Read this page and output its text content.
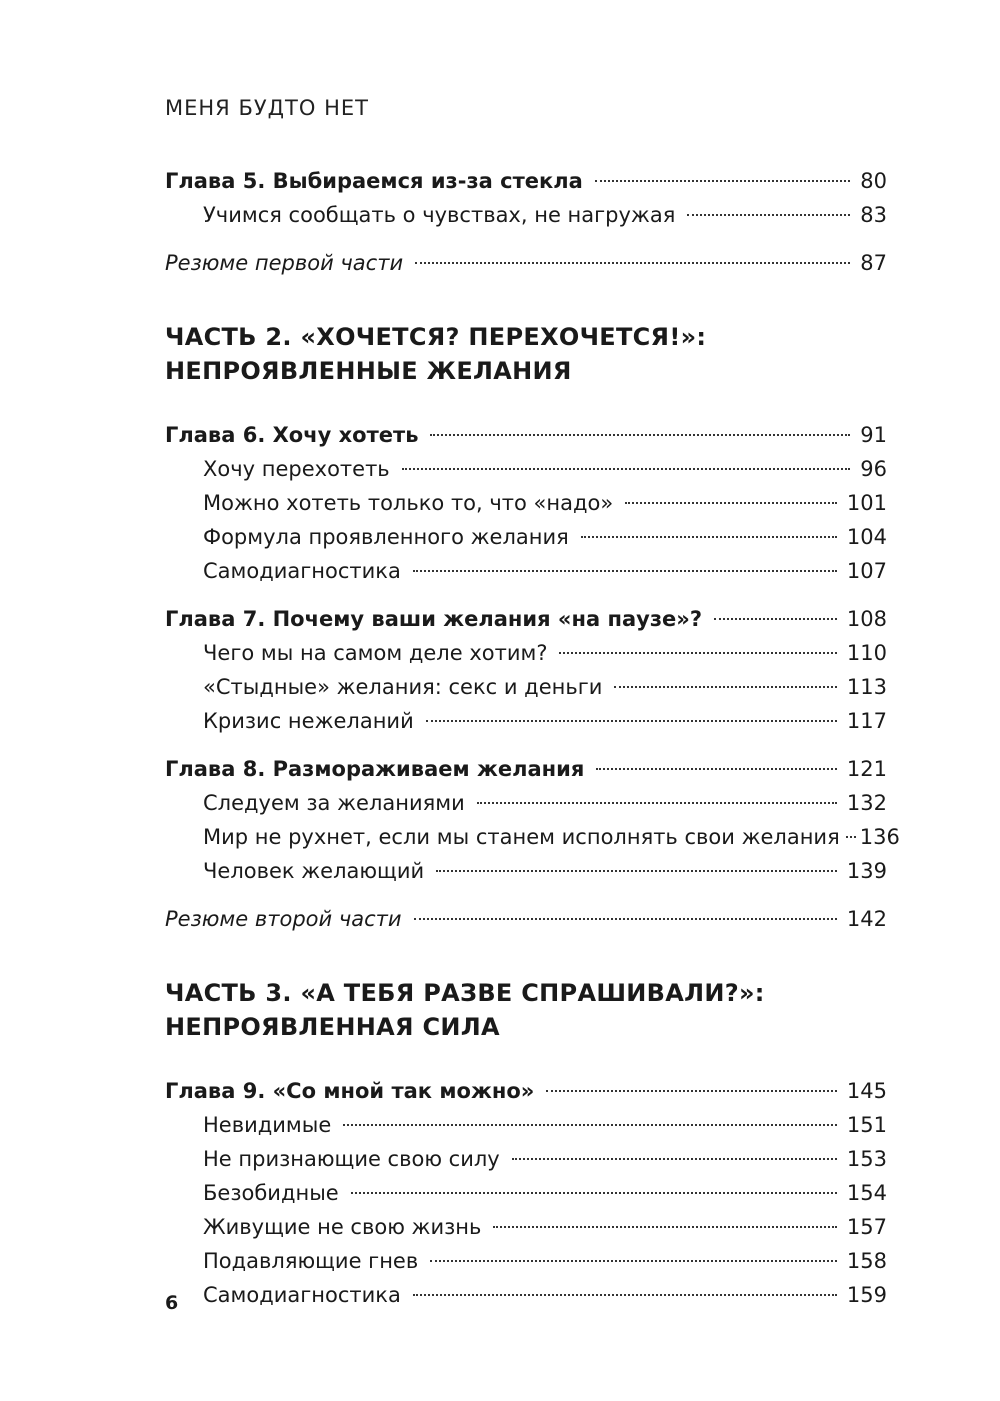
МЕНЯ БУДТО НЕТ
Глава 5. Выбираемся из-за стекла	80
Учимся сообщать о чувствах, не нагружая	83
Резюме первой части	87
ЧАСТЬ 2. «ХОЧЕТСЯ? ПЕРЕХОЧЕТСЯ!»:
НЕПРОЯВЛЕННЫЕ ЖЕЛАНИЯ
Глава 6. Хочу хотеть	91
Хочу перехотеть	96
Можно хотеть только то, что «надо»	101
Формула проявленного желания	104
Самодиагностика	107
Глава 7. Почему ваши желания «на паузе»?	108
Чего мы на самом деле хотим?	110
«Стыдные» желания: секс и деньги	113
Кризис нежеланий	117
Глава 8. Размораживаем желания	121
Следуем за желаниями	132
Мир не рухнет, если мы станем исполнять свои желания 136
Человек желающий	139
Резюме второй части	142
ЧАСТЬ 3. «А ТЕБЯ РАЗВЕ СПРАШИВАЛИ?»:
НЕПРОЯВЛЕННАЯ СИЛА
Глава 9. «Со мной так можно»	145
Невидимые	151
Не признающие свою силу	153
Безобидные	154
Живущие не свою жизнь	157
Подавляющие гнев	158
Самодиагностика	159
6
